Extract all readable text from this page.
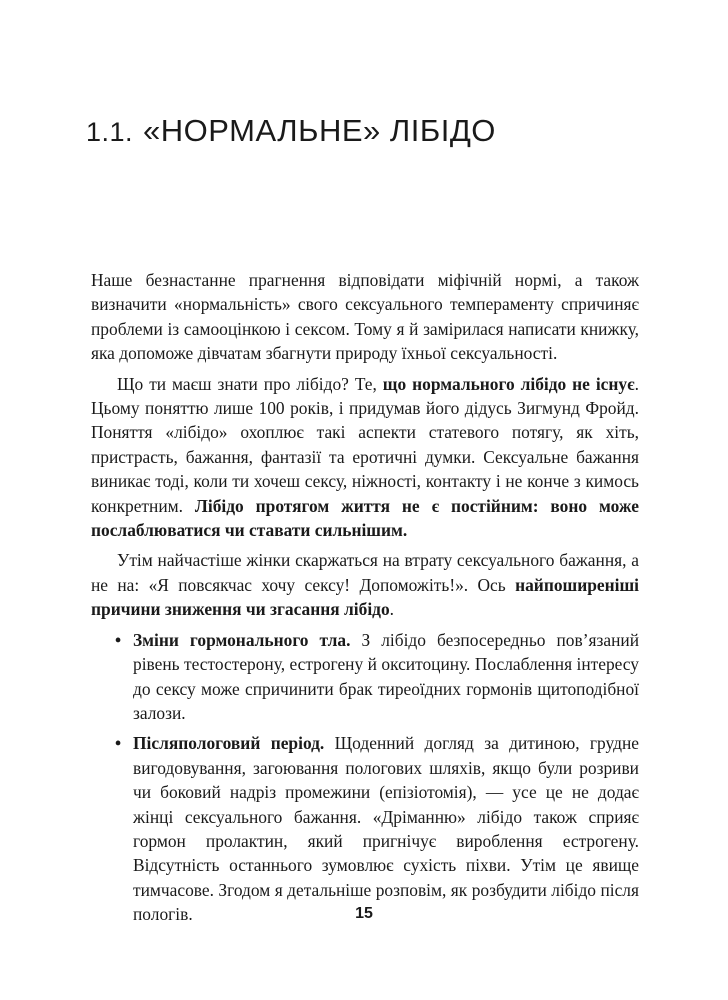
1.1. «НОРМАЛЬНЕ» ЛІБІДО

Наше безнастанне прагнення відповідати міфічній нормі, а також визначити «нормальність» свого сексуального темпераменту спричиняє проблеми із самооцінкою і сексом. Тому я й замірилася написати книжку, яка допоможе дівчатам збагнути природу їхньої сексуальності.

Що ти маєш знати про лібідо? Те, що нормального лібідо не існує. Цьому поняттю лише 100 років, і придумав його дідусь Зигмунд Фройд. Поняття «лібідо» охоплює такі аспекти статевого потягу, як хіть, пристрасть, бажання, фантазії та еротичні думки. Сексуальне бажання виникає тоді, коли ти хочеш сексу, ніжності, контакту і не конче з кимось конкретним. Лібідо протягом життя не є постійним: воно може послаблюватися чи ставати сильнішим.

Утім найчастіше жінки скаржаться на втрату сексуального бажання, а не на: «Я повсякчас хочу сексу! Допоможіть!». Ось найпоширеніші причини зниження чи згасання лібідо.

• Зміни гормонального тла. З лібідо безпосередньо пов’язаний рівень тестостерону, естрогену й окситоцину. Послаблення інтересу до сексу може спричинити брак тиреоїдних гормонів щитоподібної залози.
• Післяпологовий період. Щоденний догляд за дитиною, грудне вигодовування, загоювання пологових шляхів, якщо були розриви чи боковий надріз промежини (епізіотомія), — усе це не додає жінці сексуального бажання. «Дріманню» лібідо також сприяє гормон пролактин, який пригнічує вироблення естрогену. Відсутність останнього зумовлює сухість піхви. Утім це явище тимчасове. Згодом я детальніше розповім, як розбудити лібідо після пологів.	15
